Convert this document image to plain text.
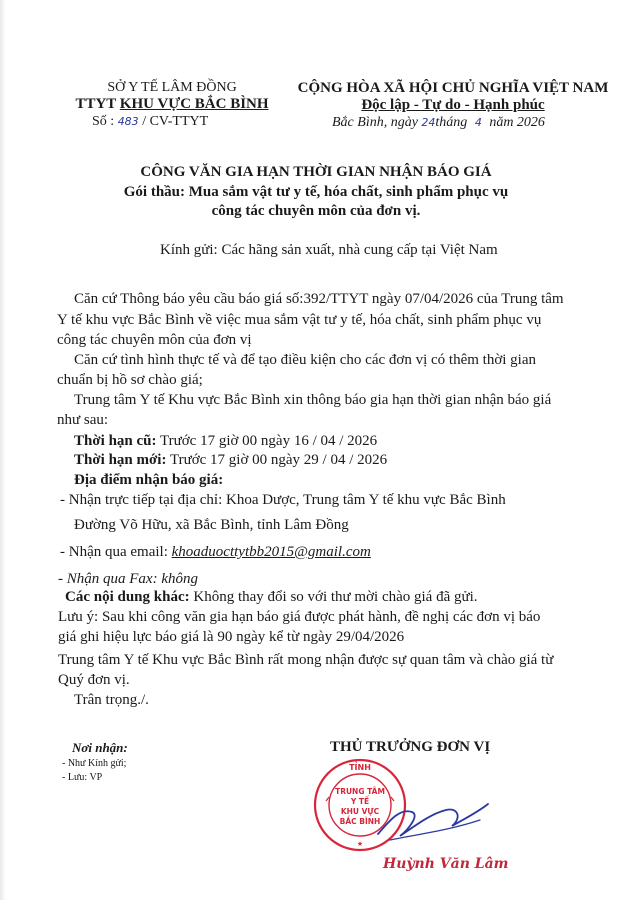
SỞ Y TẾ LÂM ĐỒNG
TTYT KHU VỰC BẮC BÌNH
Số : 483 / CV-TTYT
CỘNG HÒA XÃ HỘI CHỦ NGHĨA VIỆT NAM
Độc lập - Tự do - Hạnh phúc
Bắc Bình, ngày 24tháng 4 năm 2026
CÔNG VĂN GIA HẠN THỜI GIAN NHẬN BÁO GIÁ
Gói thầu: Mua sắm vật tư y tế, hóa chất, sinh phẩm phục vụ
công tác chuyên môn của đơn vị.
Kính gửi: Các hãng sản xuất, nhà cung cấp tại Việt Nam
Căn cứ Thông báo yêu cầu báo giá số:392/TTYT ngày 07/04/2026 của Trung tâm
Y tế khu vực Bắc Bình về việc mua sắm vật tư y tế, hóa chất, sinh phẩm phục vụ
công tác chuyên môn của đơn vị
Căn cứ tình hình thực tế và để tạo điều kiện cho các đơn vị có thêm thời gian
chuẩn bị hồ sơ chào giá;
Trung tâm Y tế Khu vực Bắc Bình xin thông báo gia hạn thời gian nhận báo giá
như sau:
Thời hạn cũ: Trước 17 giờ 00 ngày 16 / 04 / 2026
Thời hạn mới: Trước 17 giờ 00 ngày 29 / 04 / 2026
Địa điểm nhận báo giá:
- Nhận trực tiếp tại địa chỉ: Khoa Dược, Trung tâm Y tế khu vực Bắc Bình
Đường Võ Hữu, xã Bắc Bình, tỉnh Lâm Đồng
- Nhận qua email: khoaduocttytbb2015@gmail.com
- Nhận qua Fax: không
Các nội dung khác: Không thay đổi so với thư mời chào giá đã gửi.
Lưu ý: Sau khi công văn gia hạn báo giá được phát hành, đề nghị các đơn vị báo
giá ghi hiệu lực báo giá là 90 ngày kể từ ngày 29/04/2026
Trung tâm Y tế Khu vực Bắc Bình rất mong nhận được sự quan tâm và chào giá từ
Quý đơn vị.
Trân trọng./.
Nơi nhận:
- Như Kính gửi;
- Lưu: VP
THỦ TRƯỞNG ĐƠN VỊ
TỈNH
TRUNG TÂM
Y TẾ
KHU VỰC
BẮC BÌNH
★
Huỳnh Văn Lâm
